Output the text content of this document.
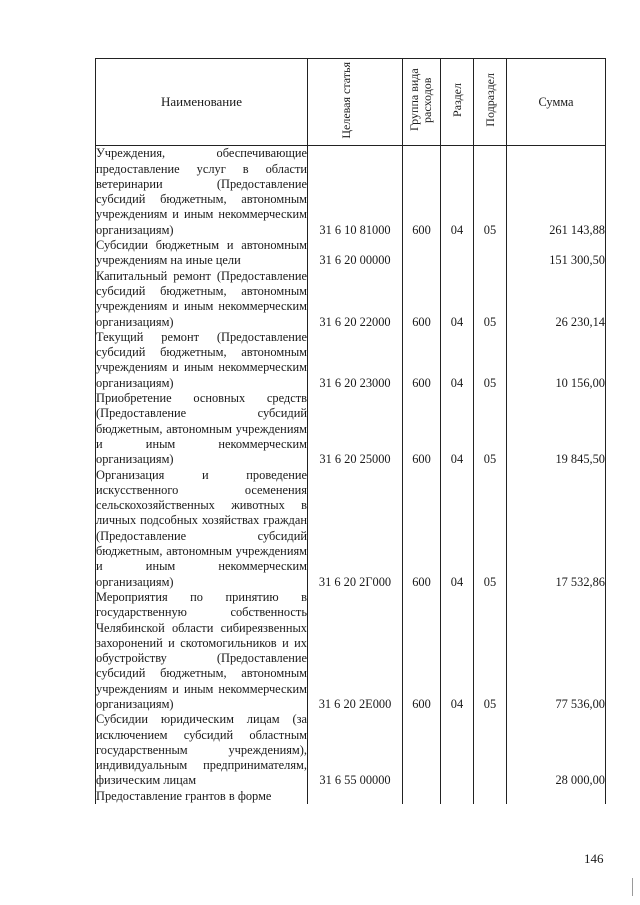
Наименование	Целевая статья	Группа вида расходов	Раздел	Подраздел	Сумма
Учреждения, обеспечивающие предоставление услуг в области ветеринарии (Предоставление субсидий бюджетным, автономным учреждениям и иным некоммерческим организациям)	31 6 10 81000	600	04	05	261 143,88
Субсидии бюджетным и автономным учреждениям на иные цели	31 6 20 00000				151 300,50
Капитальный ремонт (Предоставление субсидий бюджетным, автономным учреждениям и иным некоммерческим организациям)	31 6 20 22000	600	04	05	26 230,14
Текущий ремонт (Предоставление субсидий бюджетным, автономным учреждениям и иным некоммерческим организациям)	31 6 20 23000	600	04	05	10 156,00
Приобретение основных средств (Предоставление субсидий бюджетным, автономным учреждениям и иным некоммерческим организациям)	31 6 20 25000	600	04	05	19 845,50
Организация и проведение искусственного осеменения сельскохозяйственных животных в личных подсобных хозяйствах граждан (Предоставление субсидий бюджетным, автономным учреждениям и иным некоммерческим организациям)	31 6 20 2Г000	600	04	05	17 532,86
Мероприятия по принятию в государственную собственность Челябинской области сибиреязвенных захоронений и скотомогильников и их обустройству (Предоставление субсидий бюджетным, автономным учреждениям и иным некоммерческим организациям)	31 6 20 2Е000	600	04	05	77 536,00
Субсидии юридическим лицам (за исключением субсидий областным государственным учреждениям), индивидуальным предпринимателям, физическим лицам	31 6 55 00000				28 000,00
Предоставление грантов в форме					
146
